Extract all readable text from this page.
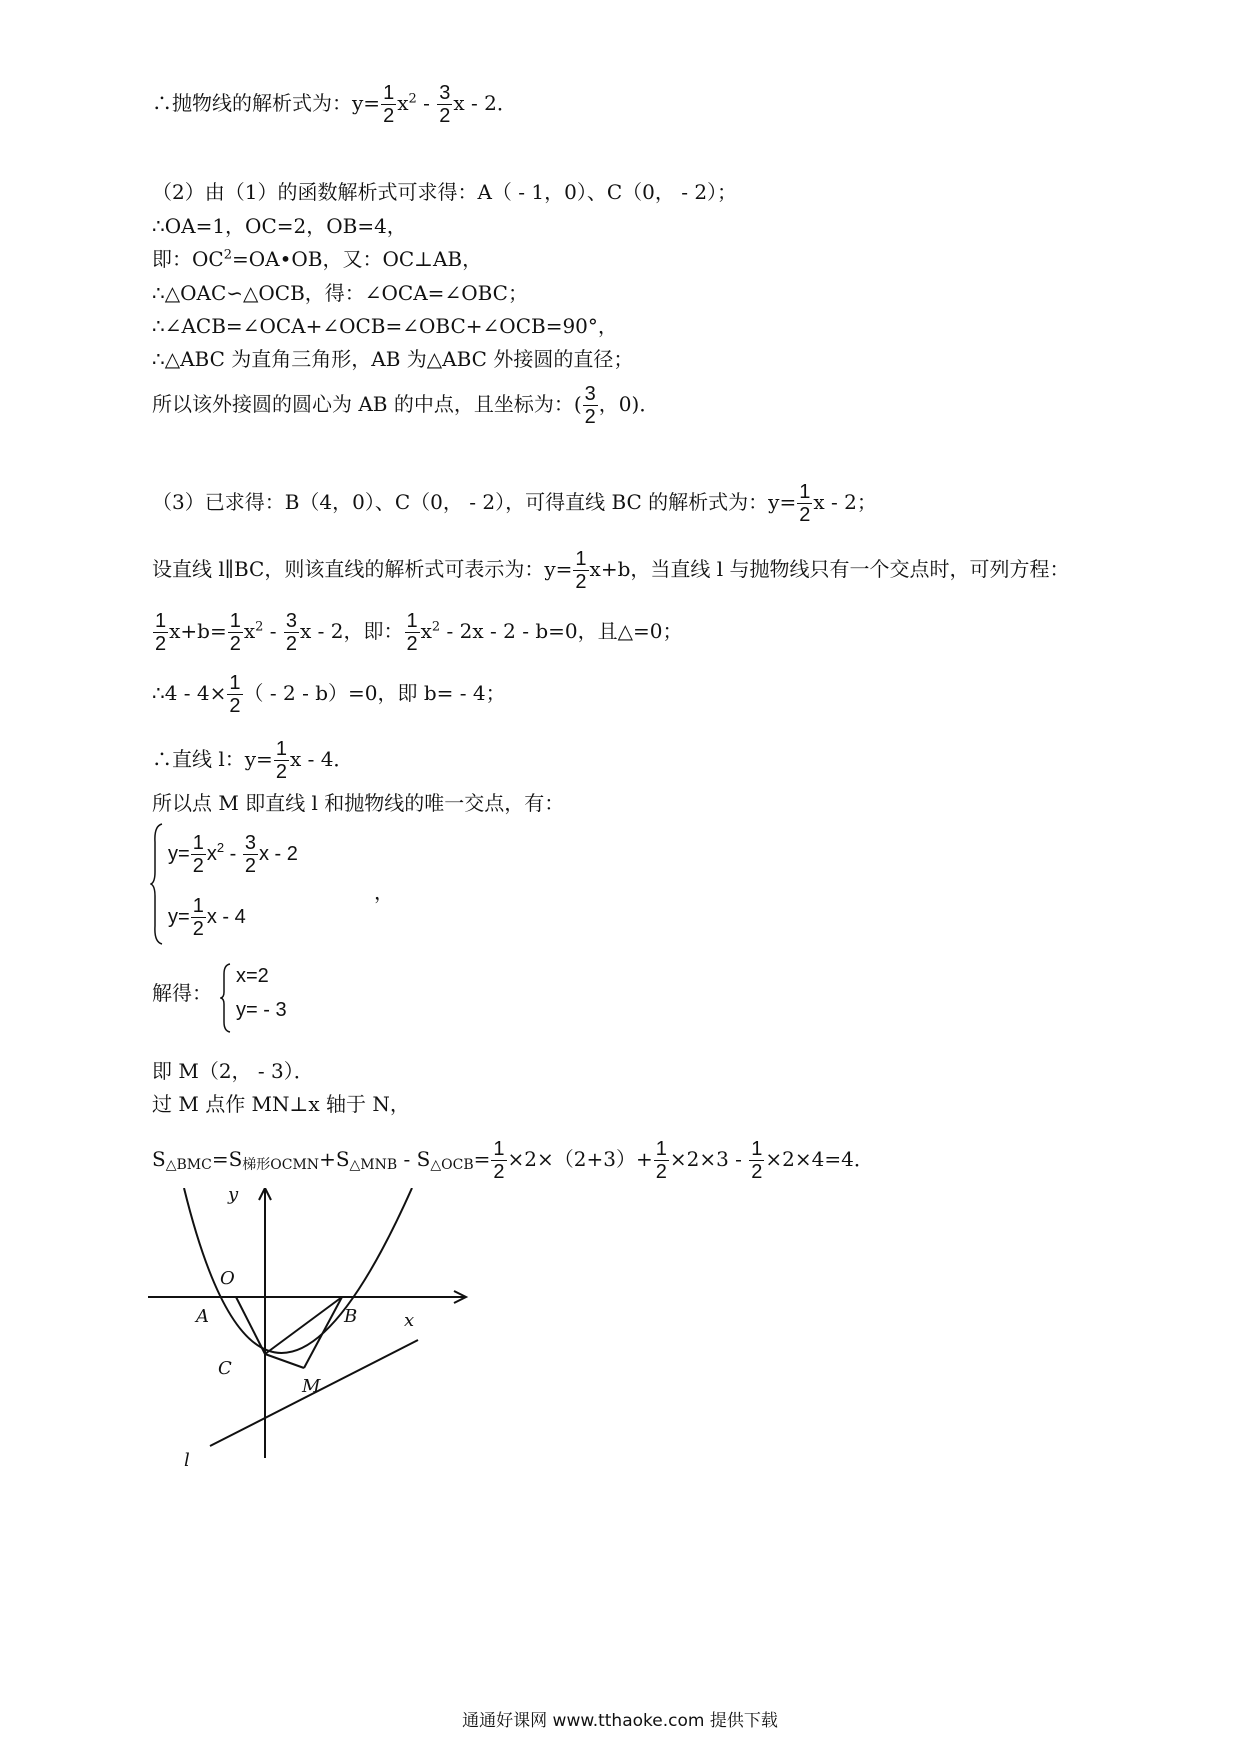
∴抛物线的解析式为：$y= \frac{1}{2} x^2 - \frac{3}{2}$ x - 2．
（2）由（1）的函数解析式可求得：A（ - 1，0）、C（0， - 2）；
∴OA=1，OC=2，OB=4，
即：$OC^2=OA•OB$，又：OC⊥AB，
∴△OAC∽△OCB，得：∠OCA=∠OBC；
∴∠ACB=∠OCA+∠OCB=∠OBC+∠OCB=90°，
∴△ABC 为直角三角形，AB 为△ABC 外接圆的直径；
所以该外接圆的圆心为 AB 的中点，且坐标为：( $\frac{3}{2}$ ，0)．
（3）已求得：B（4，0）、C（0， - 2），可得直线 BC 的解析式为：$y= \frac{1}{2}$ x - 2；
设直线 l∥BC，则该直线的解析式可表示为：$y= \frac{1}{2} x+b$，当直线 l 与抛物线只有一个交点时，可列方程：
$\frac{1}{2} x+b= \frac{1}{2} x^2 - \frac{3}{2}$ x - 2，即： $\frac{1}{2} x^2 - 2x - 2 - b=0$，且△=0；
∴4 - $4\times \frac{1}{2}$ （ - 2 - b）=0，即 b= - 4；
∴直线 l：$y= \frac{1}{2}$ x - 4．
所以点 M 即直线 l 和抛物线的唯一交点，有：
$y= \frac{1}{2} x^2 - \frac{3}{2}$ x - 2
$y= \frac{1}{2}$ x - 4
，
解得：
x=2
y= - 3
即 M（2， - 3）．
过 M 点作 MN⊥x 轴于 N，
$S_{\triangle BMC}=S_{梯形OCMN}+S_{\triangle MNB} - S_{\triangle OCB}= \frac{1}{2} \times 2\times(2+3)+ \frac{1}{2} \times 2\times 3 - \frac{1}{2} \times 2\times 4=4$．
y
x
O
A	B
C
M
l
通通好课网 www.tthaoke.com 提供下载
